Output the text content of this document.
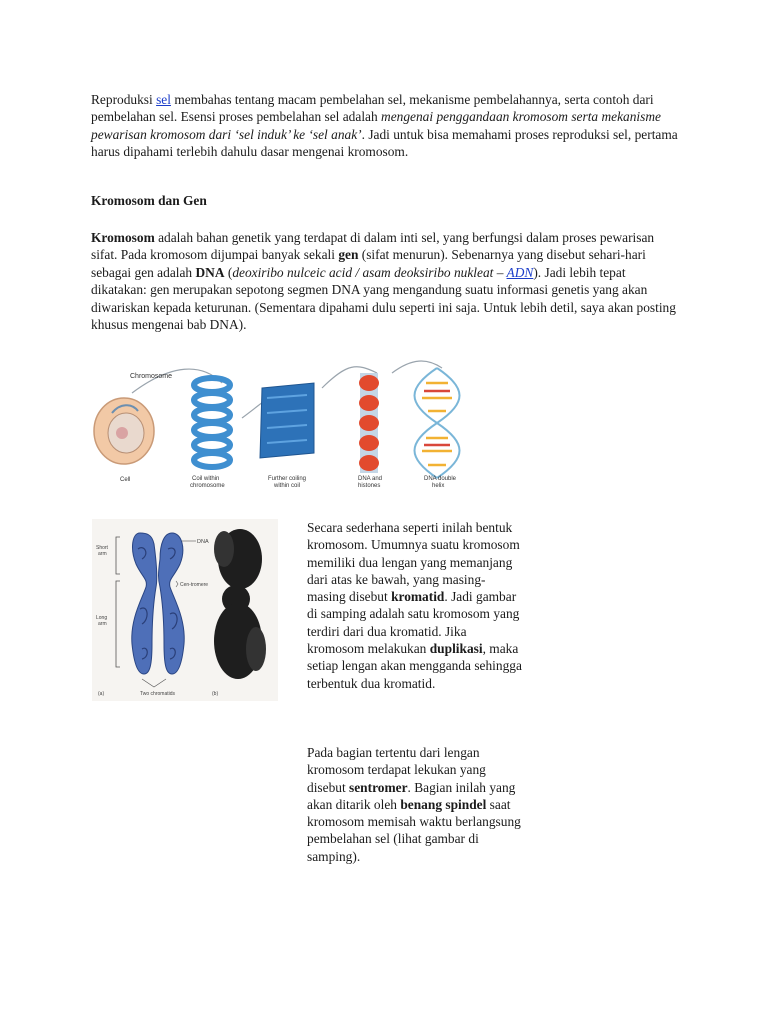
Reproduksi sel membahas tentang macam pembelahan sel, mekanisme pembelahannya, serta contoh dari pembelahan sel. Esensi proses pembelahan sel adalah mengenai penggandaan kromosom serta mekanisme pewarisan kromosom dari ‘sel induk’ ke ‘sel anak’. Jadi untuk bisa memahami proses reproduksi sel, pertama harus dipahami terlebih dahulu dasar mengenai kromosom.

Kromosom dan Gen

Kromosom adalah bahan genetik yang terdapat di dalam inti sel, yang berfungsi dalam proses pewarisan sifat. Pada kromosom dijumpai banyak sekali gen (sifat menurun). Sebenarnya yang disebut sehari-hari sebagai gen adalah DNA (deoxiribo nulceic acid / asam deoksiribo nukleat – ADN). Jadi lebih tepat dikatakan: gen merupakan sepotong segmen DNA yang mengandung suatu informasi genetis yang akan diwariskan kepada keturunan. (Sementara dipahami dulu seperti ini saja. Untuk lebih detil, saya akan posting khusus mengenai bab DNA).

Chromosome
Cell	Coil within
chromosome
Further coiling
within coil
DNA and
histones
DNA double
helix
Short
arm
Long
arm
DNA
Cen-tromere
Two chromatids
(a)	(b)

Secara sederhana seperti inilah bentuk kromosom. Umumnya suatu kromosom memiliki dua lengan yang memanjang dari atas ke bawah, yang masing-masing disebut kromatid. Jadi gambar di samping adalah satu kromosom yang terdiri dari dua kromatid. Jika kromosom melakukan duplikasi, maka setiap lengan akan mengganda sehingga terbentuk dua kromatid.

Pada bagian tertentu dari lengan kromosom terdapat lekukan yang disebut sentromer. Bagian inilah yang akan ditarik oleh benang spindel saat kromosom memisah waktu berlangsung pembelahan sel (lihat gambar di samping).
